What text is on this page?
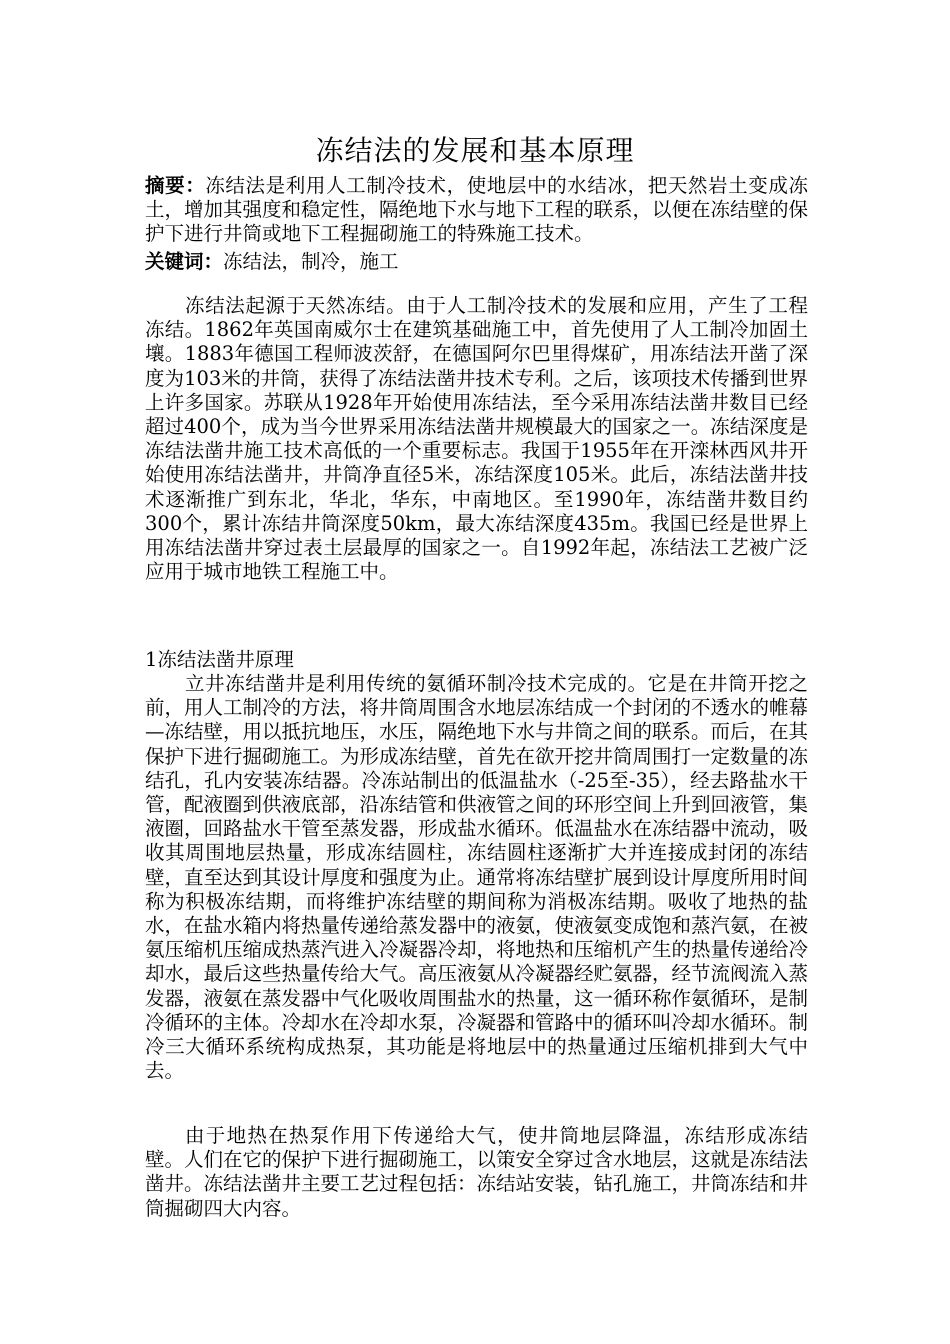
冻结法的发展和基本原理

摘要：冻结法是利用人工制冷技术，使地层中的水结冰，把天然岩土变成冻土，增加其强度和稳定性，隔绝地下水与地下工程的联系，以便在冻结壁的保护下进行井筒或地下工程掘砌施工的特殊施工技术。

关键词：冻结法，制冷，施工

冻结法起源于天然冻结。由于人工制冷技术的发展和应用，产生了工程冻结。1862年英国南威尔士在建筑基础施工中，首先使用了人工制冷加固土壤。1883年德国工程师波茨舒，在德国阿尔巴里得煤矿，用冻结法开凿了深度为103米的井筒，获得了冻结法凿井技术专利。之后，该项技术传播到世界上许多国家。苏联从1928年开始使用冻结法，至今采用冻结法凿井数目已经超过400个，成为当今世界采用冻结法凿井规模最大的国家之一。冻结深度是冻结法凿井施工技术高低的一个重要标志。我国于1955年在开滦林西风井开始使用冻结法凿井，井筒净直径5米，冻结深度105米。此后，冻结法凿井技术逐渐推广到东北，华北，华东，中南地区。至1990年，冻结凿井数目约300个，累计冻结井筒深度50km，最大冻结深度435m。我国已经是世界上用冻结法凿井穿过表土层最厚的国家之一。自1992年起，冻结法工艺被广泛应用于城市地铁工程施工中。

1冻结法凿井原理

立井冻结凿井是利用传统的氨循环制冷技术完成的。它是在井筒开挖之前，用人工制冷的方法，将井筒周围含水地层冻结成一个封闭的不透水的帷幕—冻结壁，用以抵抗地压，水压，隔绝地下水与井筒之间的联系。而后，在其保护下进行掘砌施工。为形成冻结壁，首先在欲开挖井筒周围打一定数量的冻结孔，孔内安装冻结器。冷冻站制出的低温盐水（-25至-35），经去路盐水干管，配液圈到供液底部，沿冻结管和供液管之间的环形空间上升到回液管，集液圈，回路盐水干管至蒸发器，形成盐水循环。低温盐水在冻结器中流动，吸收其周围地层热量，形成冻结圆柱，冻结圆柱逐渐扩大并连接成封闭的冻结壁，直至达到其设计厚度和强度为止。通常将冻结壁扩展到设计厚度所用时间称为积极冻结期，而将维护冻结壁的期间称为消极冻结期。吸收了地热的盐水，在盐水箱内将热量传递给蒸发器中的液氨，使液氨变成饱和蒸汽氨，在被氨压缩机压缩成热蒸汽进入冷凝器冷却，将地热和压缩机产生的热量传递给冷却水，最后这些热量传给大气。高压液氨从冷凝器经贮氨器，经节流阀流入蒸发器，液氨在蒸发器中气化吸收周围盐水的热量，这一循环称作氨循环，是制冷循环的主体。冷却水在冷却水泵，冷凝器和管路中的循环叫冷却水循环。制冷三大循环系统构成热泵，其功能是将地层中的热量通过压缩机排到大气中去。

由于地热在热泵作用下传递给大气，使井筒地层降温，冻结形成冻结壁。人们在它的保护下进行掘砌施工，以策安全穿过含水地层，这就是冻结法凿井。冻结法凿井主要工艺过程包括：冻结站安装，钻孔施工，井筒冻结和井筒掘砌四大内容。
